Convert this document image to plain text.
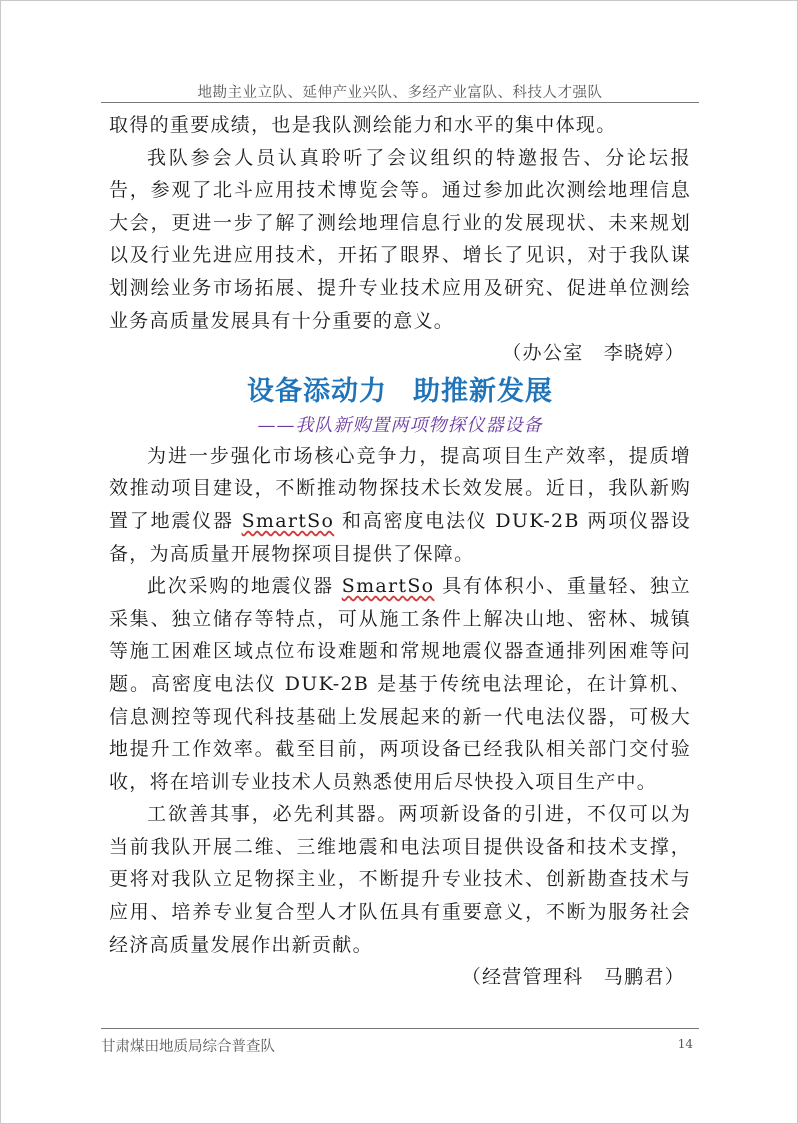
地勘主业立队、延伸产业兴队、多经产业富队、科技人才强队

取得的重要成绩，也是我队测绘能力和水平的集中体现。

我队参会人员认真聆听了会议组织的特邀报告、分论坛报告，参观了北斗应用技术博览会等。通过参加此次测绘地理信息大会，更进一步了解了测绘地理信息行业的发展现状、未来规划以及行业先进应用技术，开拓了眼界、增长了见识，对于我队谋划测绘业务市场拓展、提升专业技术应用及研究、促进单位测绘业务高质量发展具有十分重要的意义。

（办公室　李晓婷）

设备添动力 助推新发展
——我队新购置两项物探仪器设备

为进一步强化市场核心竞争力，提高项目生产效率，提质增效推动项目建设，不断推动物探技术长效发展。近日，我队新购置了地震仪器 SmartSo 和高密度电法仪 DUK-2B 两项仪器设备，为高质量开展物探项目提供了保障。

此次采购的地震仪器 SmartSo 具有体积小、重量轻、独立采集、独立储存等特点，可从施工条件上解决山地、密林、城镇等施工困难区域点位布设难题和常规地震仪器查通排列困难等问题。高密度电法仪 DUK-2B 是基于传统电法理论，在计算机、信息测控等现代科技基础上发展起来的新一代电法仪器，可极大地提升工作效率。截至目前，两项设备已经我队相关部门交付验收，将在培训专业技术人员熟悉使用后尽快投入项目生产中。

工欲善其事，必先利其器。两项新设备的引进，不仅可以为当前我队开展二维、三维地震和电法项目提供设备和技术支撑，更将对我队立足物探主业，不断提升专业技术、创新勘查技术与应用、培养专业复合型人才队伍具有重要意义，不断为服务社会经济高质量发展作出新贡献。

（经营管理科　马鹏君）

甘肃煤田地质局综合普查队	14
